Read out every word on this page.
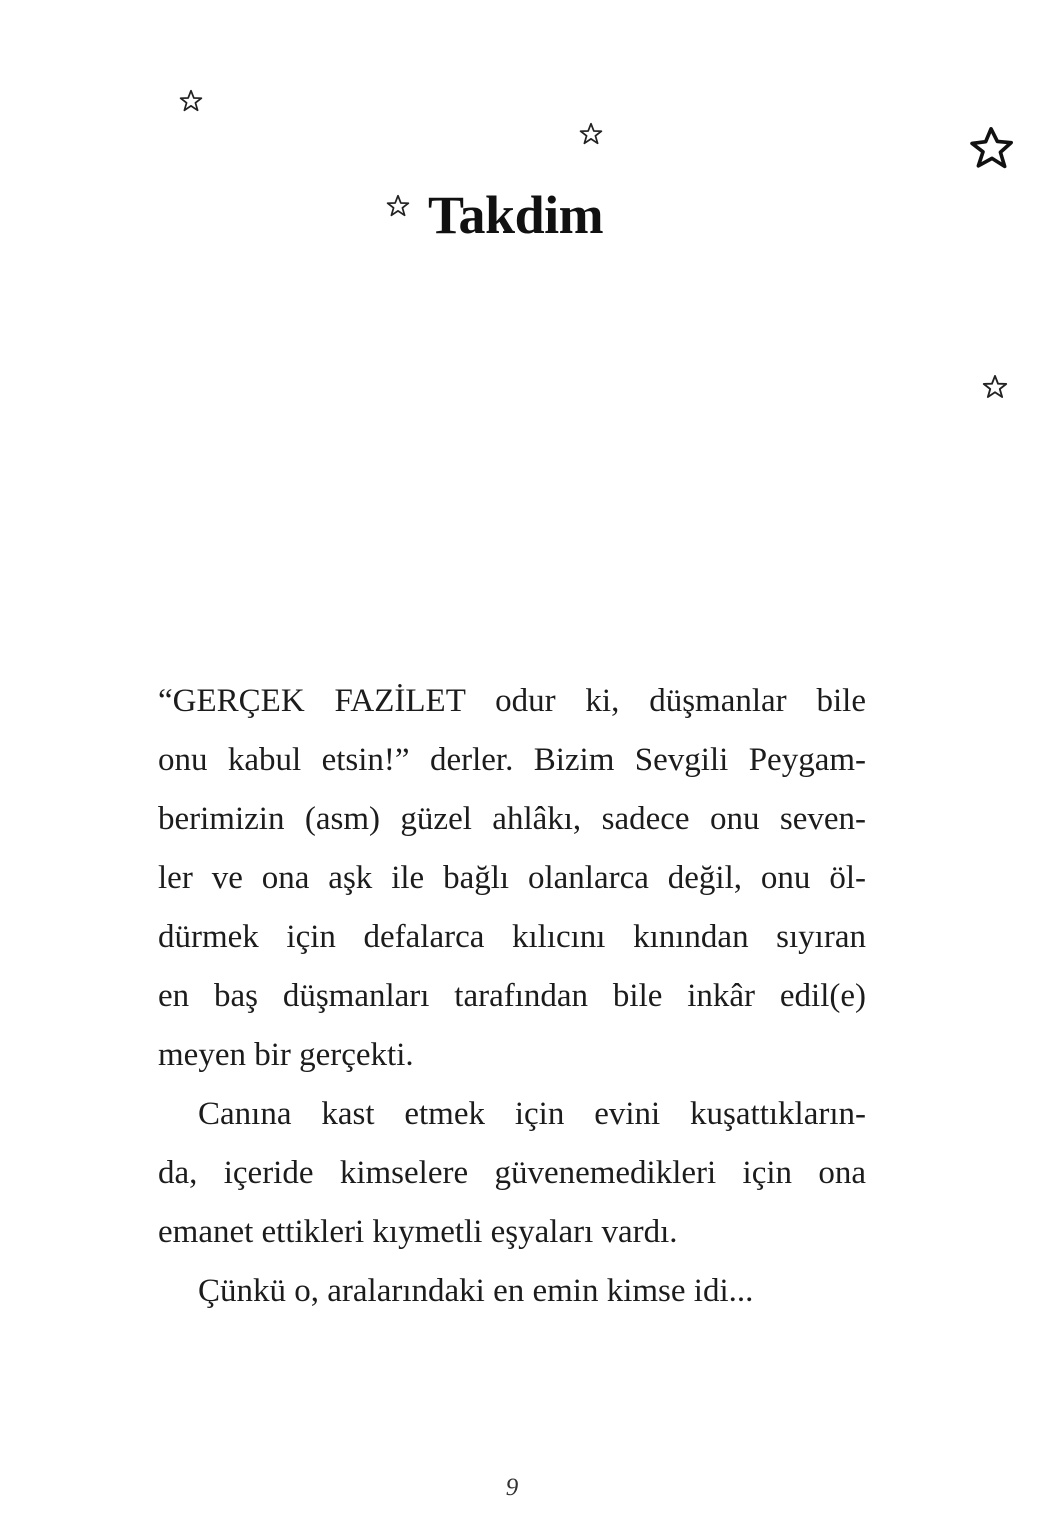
Takdim
“GERÇEK FAZİLET odur ki, düşmanlar bile
onu kabul etsin!” derler. Bizim Sevgili Peygam-
berimizin (asm) güzel ahlâkı, sadece onu seven-
ler ve ona aşk ile bağlı olanlarca değil, onu öl-
dürmek için defalarca kılıcını kınından sıyıran
en baş düşmanları tarafından bile inkâr edil(e)
meyen bir gerçekti.
Canına kast etmek için evini kuşattıkların-
da, içeride kimselere güvenemedikleri için ona
emanet ettikleri kıymetli eşyaları vardı.
Çünkü o, aralarındaki en emin kimse idi...
9
